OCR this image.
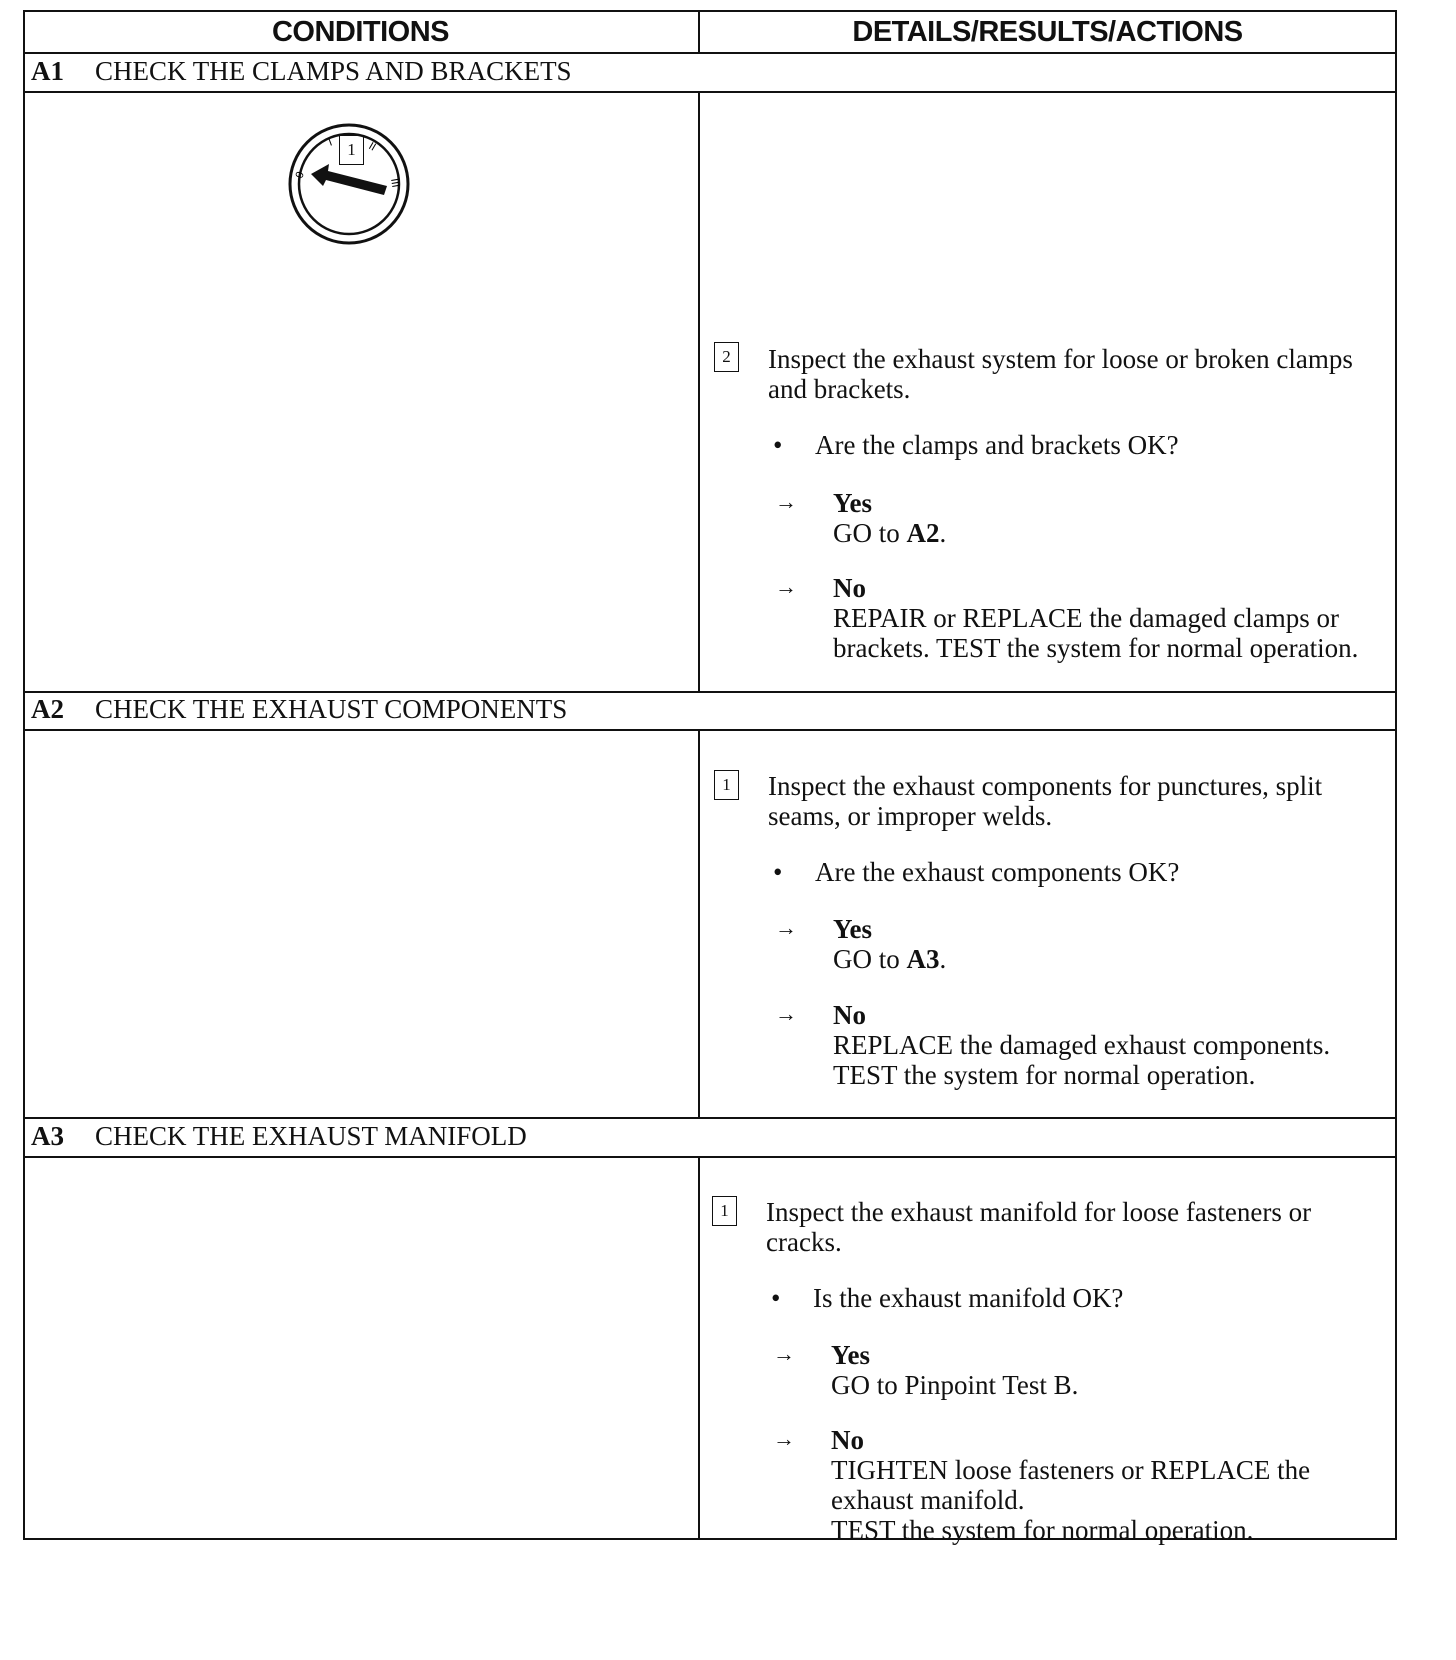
CONDITIONS	DETAILS/RESULTS/ACTIONS
A1 CHECK THE CLAMPS AND BRACKETS
1
0
I	II
III
2	Inspect the exhaust system for loose or broken clamps and brackets.
• Are the clamps and brackets OK?
→ Yes
GO to A2.
→ No
REPAIR or REPLACE the damaged clamps or brackets. TEST the system for normal operation.
A2 CHECK THE EXHAUST COMPONENTS
1	Inspect the exhaust components for punctures, split seams, or improper welds.
• Are the exhaust components OK?
→ Yes
GO to A3.
→ No
REPLACE the damaged exhaust components. TEST the system for normal operation.
A3 CHECK THE EXHAUST MANIFOLD
1	Inspect the exhaust manifold for loose fasteners or cracks.
• Is the exhaust manifold OK?
→ Yes
GO to Pinpoint Test B.
→ No
TIGHTEN loose fasteners or REPLACE the exhaust manifold.
TEST the system for normal operation.
